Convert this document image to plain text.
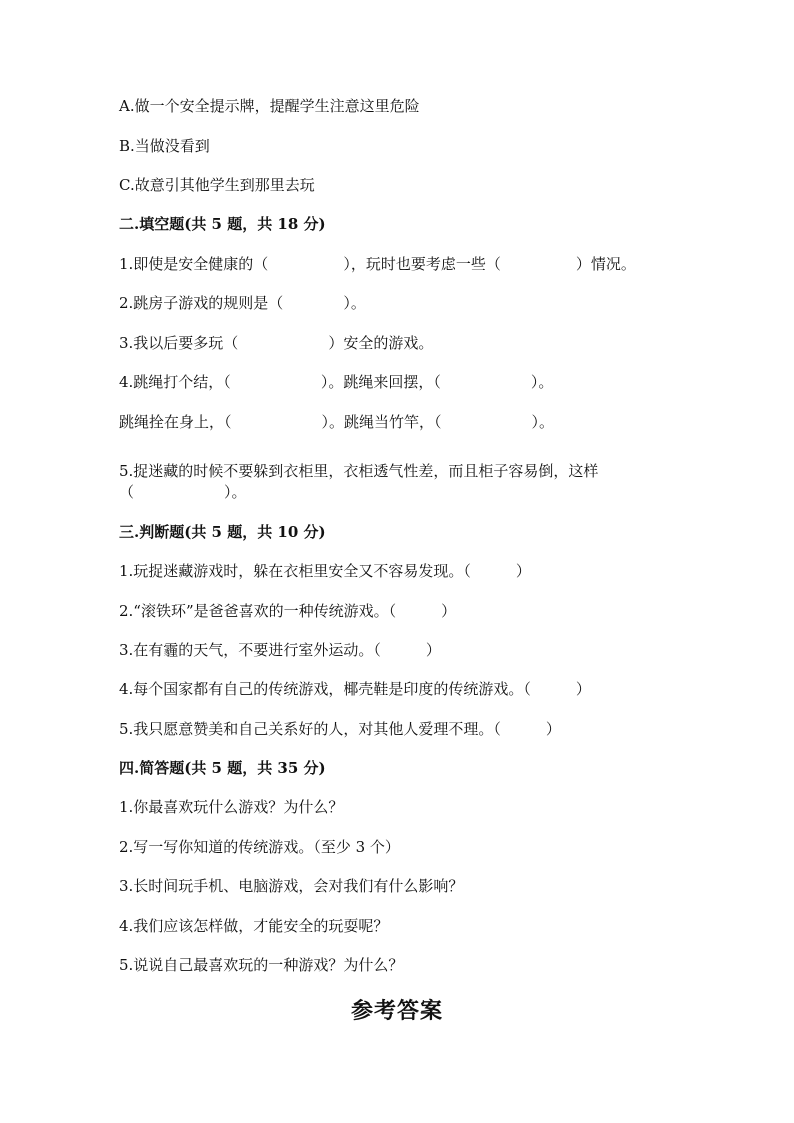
A.做一个安全提示牌，提醒学生注意这里危险

B.当做没看到

C.故意引其他学生到那里去玩

二.填空题(共 5 题，共 18 分)

1.即使是安全健康的（　　　　　），玩时也要考虑一些（　　　　　）情况。

2.跳房子游戏的规则是（　　　　）。

3.我以后要多玩（　　　　　　）安全的游戏。

4.跳绳打个结，（　　　　　　）。跳绳来回摆，（　　　　　　）。

跳绳拴在身上，（　　　　　　）。跳绳当竹竿，（　　　　　　）。

5.捉迷藏的时候不要躲到衣柜里，衣柜透气性差，而且柜子容易倒，这样

（　　　　　　）。

三.判断题(共 5 题，共 10 分)

1.玩捉迷藏游戏时，躲在衣柜里安全又不容易发现。（　　　）

2.“滚铁环”是爸爸喜欢的一种传统游戏。（　　　）

3.在有霾的天气，不要进行室外运动。（　　　）

4.每个国家都有自己的传统游戏，椰壳鞋是印度的传统游戏。（　　　）

5.我只愿意赞美和自己关系好的人，对其他人爱理不理。（　　　）

四.简答题(共 5 题，共 35 分)

1.你最喜欢玩什么游戏？为什么？

2.写一写你知道的传统游戏。（至少 3 个）

3.长时间玩手机、电脑游戏，会对我们有什么影响？

4.我们应该怎样做，才能安全的玩耍呢？

5.说说自己最喜欢玩的一种游戏？为什么？

参考答案
